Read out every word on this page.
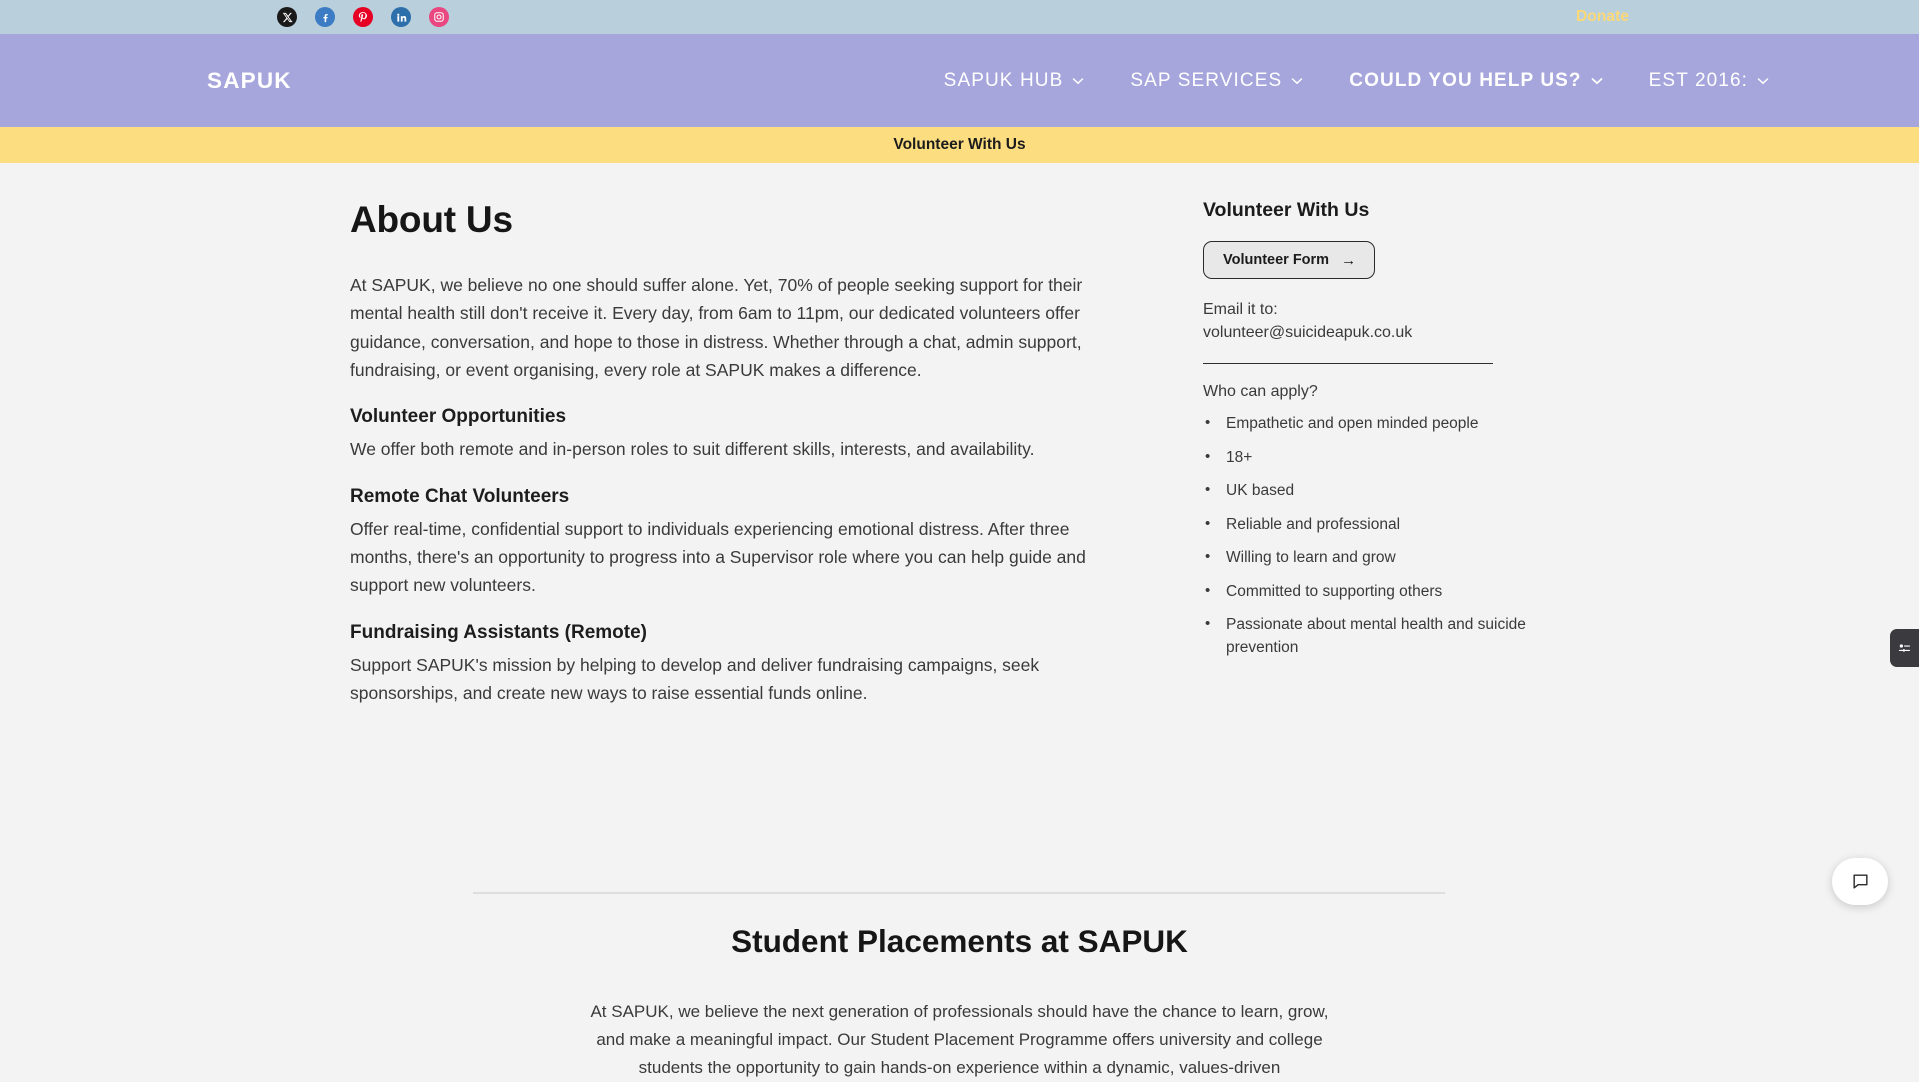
Donate
SAPUK	SAPUK HUB	SAP SERVICES	COULD YOU HELP US?	EST 2016:
Volunteer With Us
About Us

At SAPUK, we believe no one should suffer alone. Yet, 70% of people seeking support for their mental health still don't receive it. Every day, from 6am to 11pm, our dedicated volunteers offer guidance, conversation, and hope to those in distress. Whether through a chat, admin support, fundraising, or event organising, every role at SAPUK makes a difference.

Volunteer Opportunities

We offer both remote and in-person roles to suit different skills, interests, and availability.

Remote Chat Volunteers

Offer real-time, confidential support to individuals experiencing emotional distress. After three months, there's an opportunity to progress into a Supervisor role where you can help guide and support new volunteers.

Fundraising Assistants (Remote)

Support SAPUK's mission by helping to develop and deliver fundraising campaigns, seek sponsorships, and create new ways to raise essential funds online.

Volunteer With Us
Volunteer Form →
Email it to:
volunteer@suicideapuk.co.uk
Who can apply?
• Empathetic and open minded people
• 18+
• UK based
• Reliable and professional
• Willing to learn and grow
• Committed to supporting others
• Passionate about mental health and suicide prevention
Student Placements at SAPUK

At SAPUK, we believe the next generation of professionals should have the chance to learn, grow, and make a meaningful impact. Our Student Placement Programme offers university and college students the opportunity to gain hands-on experience within a dynamic, values-driven
